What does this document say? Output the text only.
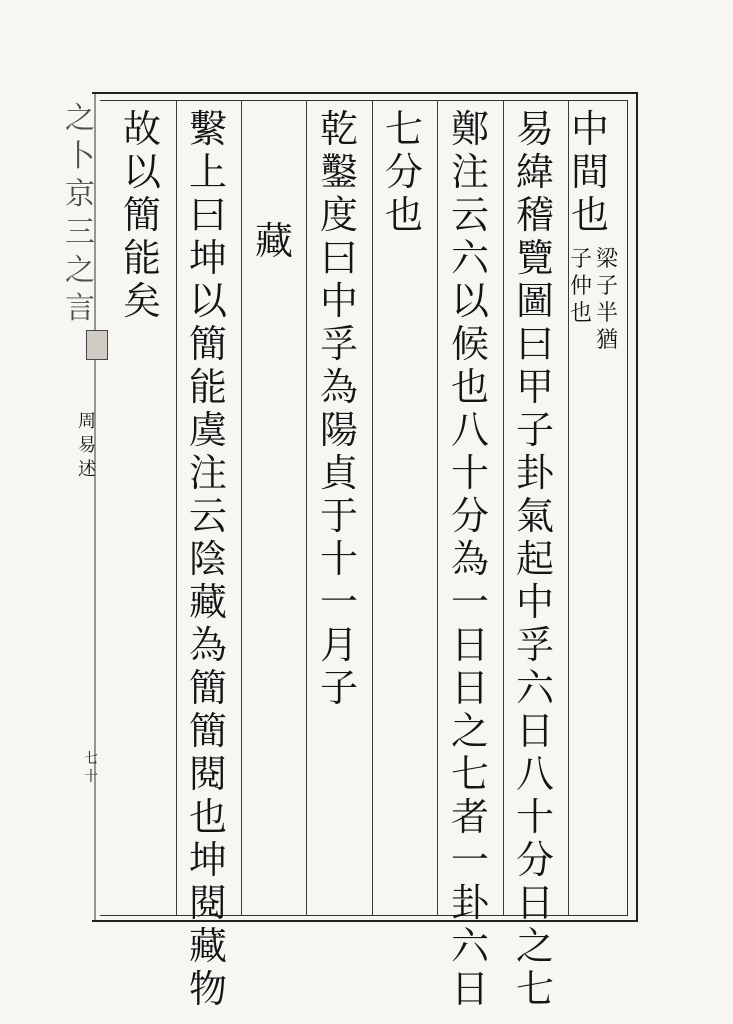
中
間
也
易
緯
稽
覽
圖
曰
甲
子
卦
氣
起
中
孚
六
日
八
十
分
日
之
七
鄭
注
云
六
以
候
也
八
十
分
為
一
日
日
之
七
者
一
卦
六
日
七
分
也
乾
鑿
度
曰
中
孚
為
陽
貞
于
十
一
月
子
藏
繫
上
曰
坤
以
簡
能
虞
注
云
陰
藏
為
簡
簡
閱
也
坤
閱
藏
物
故
以
簡
能
矣
梁
子
半
猶
子
仲
也
之
卜
京
三
之
言
周
易
述
七
十
